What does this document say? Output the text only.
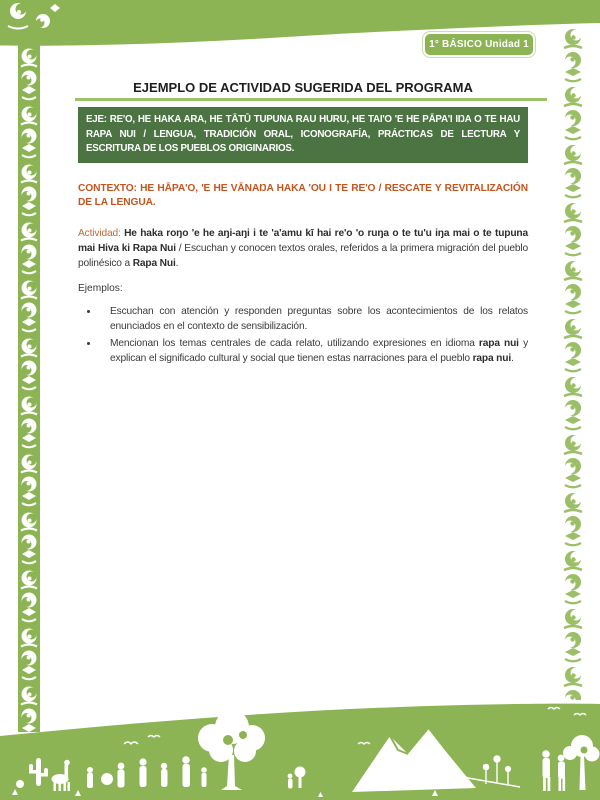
1° BÁSICO Unidad 1
EJEMPLO DE ACTIVIDAD SUGERIDA DEL PROGRAMA
EJE: RE'O, HE HAKA ARA, HE TĀTŪ TUPUNA RAU HURU, HE TAI'O 'E HE PĀPA'I IŊA O TE HAU RAPA NUI / LENGUA, TRADICIÓN ORAL, ICONOGRAFÍA, PRÁCTICAS DE LECTURA Y ESCRITURA DE LOS PUEBLOS ORIGINARIOS.

CONTEXTO: HE HĀPA'O, 'E HE VĀNAŊA HAKA 'OU I TE RE'O / RESCATE Y REVITALIZACIÓN DE LA LENGUA.

Actividad: He haka roŋo 'e he aŋi-aŋi i te 'a'amu kī hai re'o 'o ruŋa o te tu'u iŋa mai o te tupuna mai Hiva ki Rapa Nui / Escuchan y conocen textos orales, referidos a la primera migración del pueblo polinésico a Rapa Nui.

Ejemplos:

• Escuchan con atención y responden preguntas sobre los acontecimientos de los relatos enunciados en el contexto de sensibilización.
• Mencionan los temas centrales de cada relato, utilizando expresiones en idioma rapa nui y explican el significado cultural y social que tienen estas narraciones para el pueblo rapa nui.
